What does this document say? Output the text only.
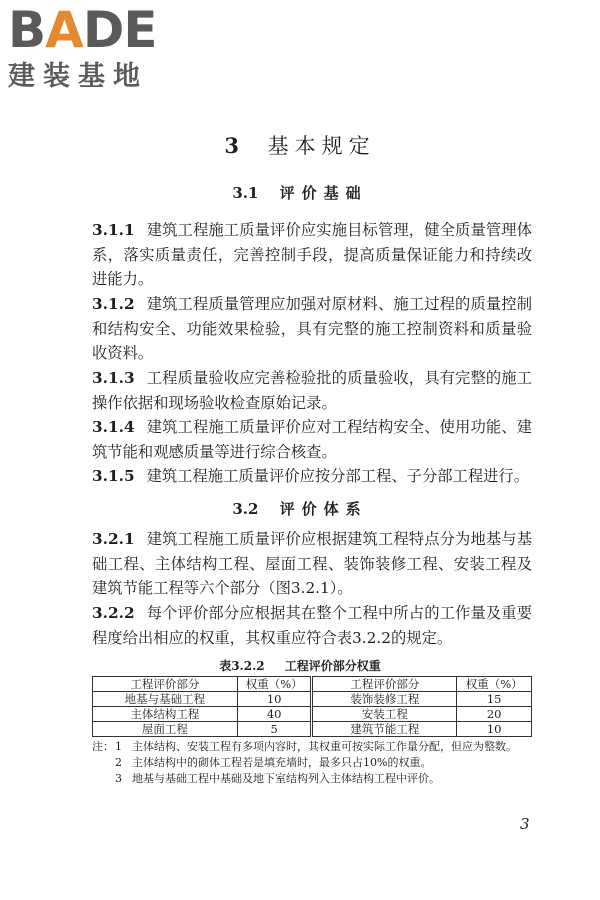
B A D E
建装基地
3 基本规定
3.1 评价基础
3.1.1 建筑工程施工质量评价应实施目标管理，健全质量管理体系，落实质量责任，完善控制手段，提高质量保证能力和持续改进能力。
3.1.2 建筑工程质量管理应加强对原材料、施工过程的质量控制和结构安全、功能效果检验，具有完整的施工控制资料和质量验收资料。
3.1.3 工程质量验收应完善检验批的质量验收，具有完整的施工操作依据和现场验收检查原始记录。
3.1.4 建筑工程施工质量评价应对工程结构安全、使用功能、建筑节能和观感质量等进行综合核查。
3.1.5 建筑工程施工质量评价应按分部工程、子分部工程进行。
3.2 评价体系
3.2.1 建筑工程施工质量评价应根据建筑工程特点分为地基与基础工程、主体结构工程、屋面工程、装饰装修工程、安装工程及建筑节能工程等六个部分（图3.2.1）。
3.2.2 每个评价部分应根据其在整个工程中所占的工作量及重要程度给出相应的权重，其权重应符合表3.2.2的规定。
表3.2.2 工程评价部分权重
工程评价部分	权重（%）	工程评价部分	权重（%）
地基与基础工程	10	装饰装修工程	15
主体结构工程	40	安装工程	20
屋面工程	5	建筑节能工程	10
注： 1 主体结构、安装工程有多项内容时，其权重可按实际工作量分配，但应为整数。
2 主体结构中的砌体工程若是填充墙时，最多只占10%的权重。
3 地基与基础工程中基础及地下室结构列入主体结构工程中评价。
3
